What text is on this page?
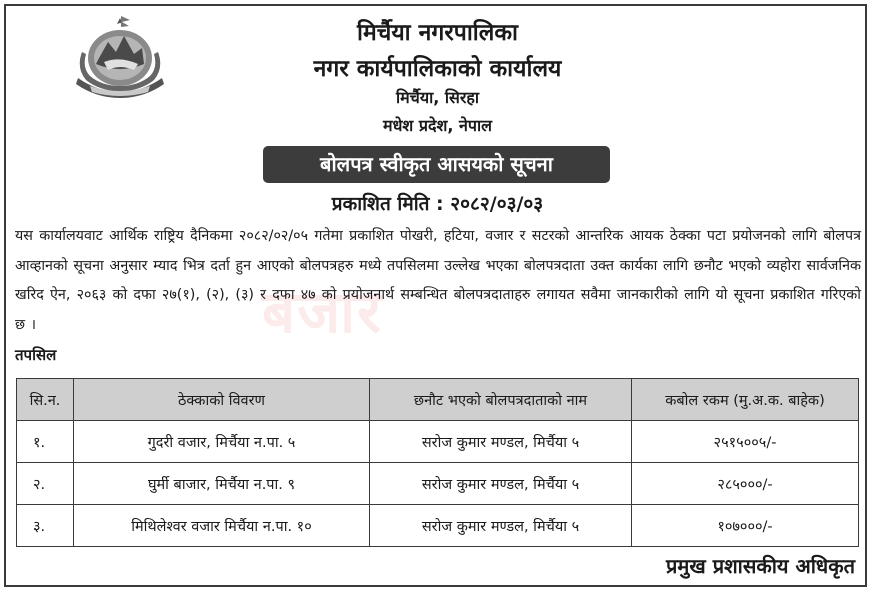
मिर्चैया नगरपालिका
नगर कार्यपालिकाको कार्यालय
मिर्चैया, सिरहा
मधेश प्रदेश, नेपाल
बोलपत्र स्वीकृत आसयको सूचना
प्रकाशित मिति : २०८२/०३/०३
बजार
यस कार्यालयवाट आर्थिक राष्ट्रिय दैनिकमा २०८२/०२/०५ गतेमा प्रकाशित पोखरी, हटिया, वजार र सटरको आन्तरिक आयक ठेक्का पटा प्रयोजनको लागि बोलपत्र आव्हानको सूचना अनुसार म्याद भित्र दर्ता हुन आएको बोलपत्रहरु मध्ये तपसिलमा उल्लेख भएका बोलपत्रदाता उक्त कार्यका लागि छनौट भएको व्यहोरा सार्वजनिक खरिद ऐन, २०६३ को दफा २७(१), (२), (३) र दफा ४७ को प्रयोजनार्थ सम्बन्धित बोलपत्रदाताहरु लगायत सवैमा जानकारीको लागि यो सूचना प्रकाशित गरिएको छ ।
तपसिल
सि.न.	ठेक्काको विवरण	छनौट भएको बोलपत्रदाताको नाम	कबोल रकम (मु.अ.क. बाहेक)
१.	गुदरी वजार, मिर्चैया न.पा. ५	सरोज कुमार मण्डल, मिर्चैया ५	२५१५००५/-
२.	घुर्मी बाजार, मिर्चैया न.पा. ९	सरोज कुमार मण्डल, मिर्चैया ५	२८५०००/-
३.	मिथिलेश्वर वजार मिर्चैया न.पा. १०	सरोज कुमार मण्डल, मिर्चैया ५	१०७०००/-
प्रमुख प्रशासकीय अधिकृत
